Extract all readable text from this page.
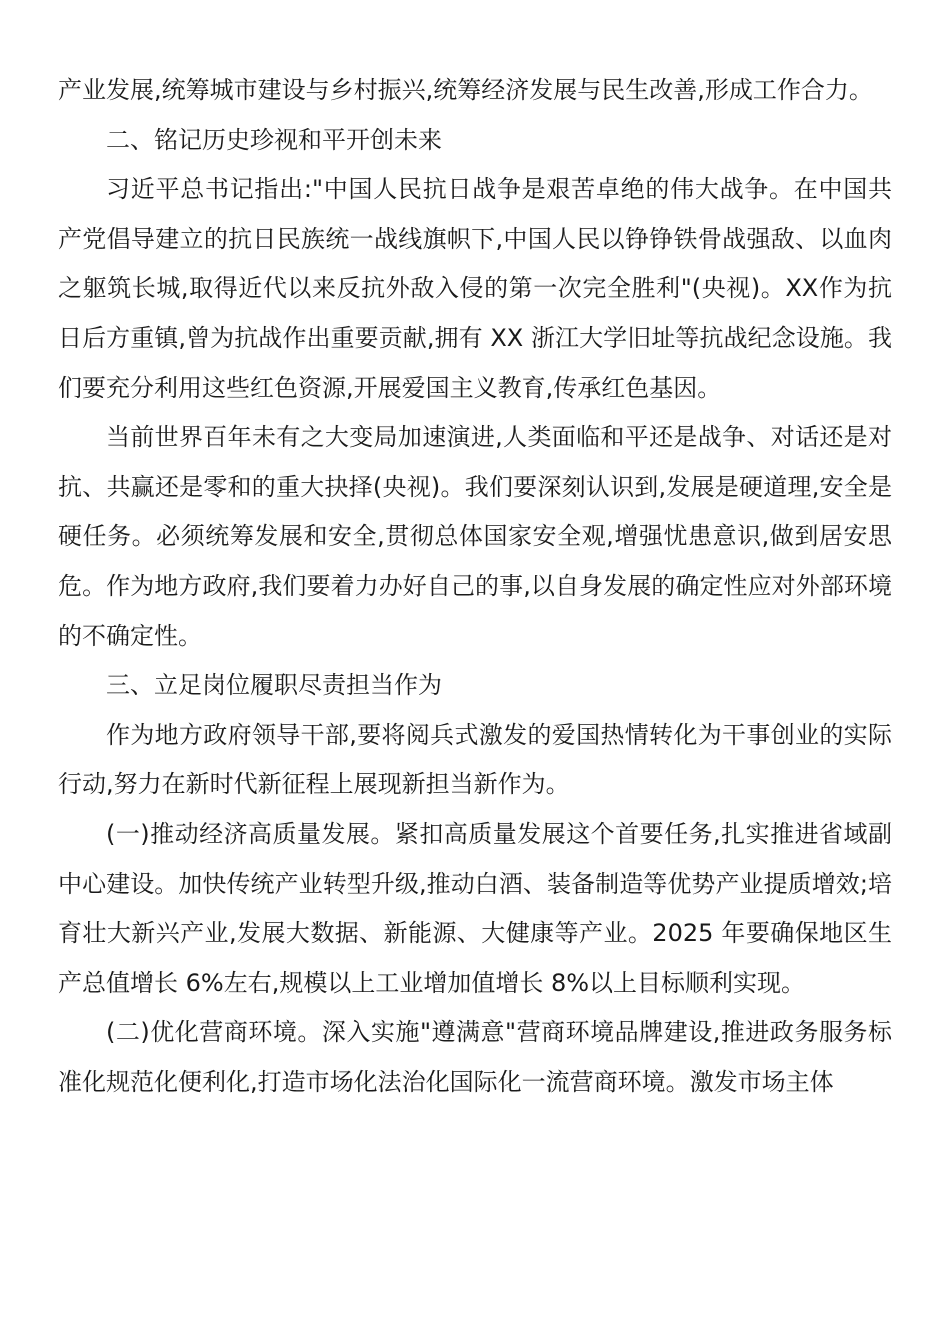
产业发展,统筹城市建设与乡村振兴,统筹经济发展与民生改善,形成工作合力。

二、铭记历史珍视和平开创未来

习近平总书记指出:"中国人民抗日战争是艰苦卓绝的伟大战争。在中国共产党倡导建立的抗日民族统一战线旗帜下,中国人民以铮铮铁骨战强敌、以血肉之躯筑长城,取得近代以来反抗外敌入侵的第一次完全胜利"(央视)。XX作为抗日后方重镇,曾为抗战作出重要贡献,拥有 XX 浙江大学旧址等抗战纪念设施。我们要充分利用这些红色资源,开展爱国主义教育,传承红色基因。

当前世界百年未有之大变局加速演进,人类面临和平还是战争、对话还是对抗、共赢还是零和的重大抉择(央视)。我们要深刻认识到,发展是硬道理,安全是硬任务。必须统筹发展和安全,贯彻总体国家安全观,增强忧患意识,做到居安思危。作为地方政府,我们要着力办好自己的事,以自身发展的确定性应对外部环境的不确定性。

三、立足岗位履职尽责担当作为

作为地方政府领导干部,要将阅兵式激发的爱国热情转化为干事创业的实际行动,努力在新时代新征程上展现新担当新作为。

(一)推动经济高质量发展。紧扣高质量发展这个首要任务,扎实推进省域副中心建设。加快传统产业转型升级,推动白酒、装备制造等优势产业提质增效;培育壮大新兴产业,发展大数据、新能源、大健康等产业。2025 年要确保地区生产总值增长 6%左右,规模以上工业增加值增长 8%以上目标顺利实现。

(二)优化营商环境。深入实施"遵满意"营商环境品牌建设,推进政务服务标准化规范化便利化,打造市场化法治化国际化一流营商环境。激发市场主体
